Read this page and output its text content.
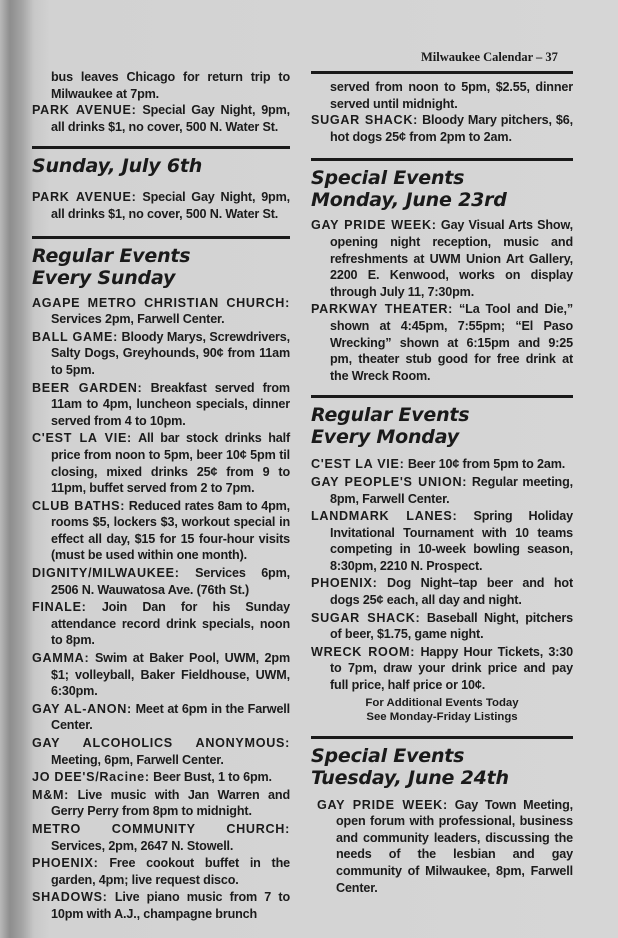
Milwaukee Calendar – 37

bus leaves Chicago for return trip to Milwaukee at 7pm.

PARK AVENUE: Special Gay Night, 9pm, all drinks $1, no cover, 500 N. Water St.

Sunday, July 6th

PARK AVENUE: Special Gay Night, 9pm, all drinks $1, no cover, 500 N. Water St.

Regular Events
Every Sunday

AGAPE METRO CHRISTIAN CHURCH: Services 2pm, Farwell Center.

BALL GAME: Bloody Marys, Screwdrivers, Salty Dogs, Greyhounds, 90¢ from 11am to 5pm.

BEER GARDEN: Breakfast served from 11am to 4pm, luncheon specials, dinner served from 4 to 10pm.

C'EST LA VIE: All bar stock drinks half price from noon to 5pm, beer 10¢ 5pm til closing, mixed drinks 25¢ from 9 to 11pm, buffet served from 2 to 7pm.

CLUB BATHS: Reduced rates 8am to 4pm, rooms $5, lockers $3, workout special in effect all day, $15 for 15 four-hour visits (must be used within one month).

DIGNITY/MILWAUKEE: Services 6pm, 2506 N. Wauwatosa Ave. (76th St.)

FINALE: Join Dan for his Sunday attendance record drink specials, noon to 8pm.

GAMMA: Swim at Baker Pool, UWM, 2pm $1; volleyball, Baker Fieldhouse, UWM, 6:30pm.

GAY AL-ANON: Meet at 6pm in the Farwell Center.

GAY ALCOHOLICS ANONYMOUS: Meeting, 6pm, Farwell Center.

JO DEE'S/Racine: Beer Bust, 1 to 6pm.

M&M: Live music with Jan Warren and Gerry Perry from 8pm to midnight.

METRO COMMUNITY CHURCH: Services, 2pm, 2647 N. Stowell.

PHOENIX: Free cookout buffet in the garden, 4pm; live request disco.

SHADOWS: Live piano music from 7 to 10pm with A.J., champagne brunch

served from noon to 5pm, $2.55, dinner served until midnight.

SUGAR SHACK: Bloody Mary pitchers, $6, hot dogs 25¢ from 2pm to 2am.

Special Events
Monday, June 23rd

GAY PRIDE WEEK: Gay Visual Arts Show, opening night reception, music and refreshments at UWM Union Art Gallery, 2200 E. Kenwood, works on display through July 11, 7:30pm.

PARKWAY THEATER: “La Tool and Die,” shown at 4:45pm, 7:55pm; “El Paso Wrecking” shown at 6:15pm and 9:25 pm, theater stub good for free drink at the Wreck Room.

Regular Events
Every Monday

C'EST LA VIE: Beer 10¢ from 5pm to 2am.

GAY PEOPLE'S UNION: Regular meeting, 8pm, Farwell Center.

LANDMARK LANES: Spring Holiday Invitational Tournament with 10 teams competing in 10-week bowling season, 8:30pm, 2210 N. Prospect.

PHOENIX: Dog Night–tap beer and hot dogs 25¢ each, all day and night.

SUGAR SHACK: Baseball Night, pitchers of beer, $1.75, game night.

WRECK ROOM: Happy Hour Tickets, 3:30 to 7pm, draw your drink price and pay full price, half price or 10¢.

For Additional Events Today

See Monday-Friday Listings

Special Events
Tuesday, June 24th

GAY PRIDE WEEK: Gay Town Meeting, open forum with professional, business and community leaders, discussing the needs of the lesbian and gay community of Milwaukee, 8pm, Farwell Center.
